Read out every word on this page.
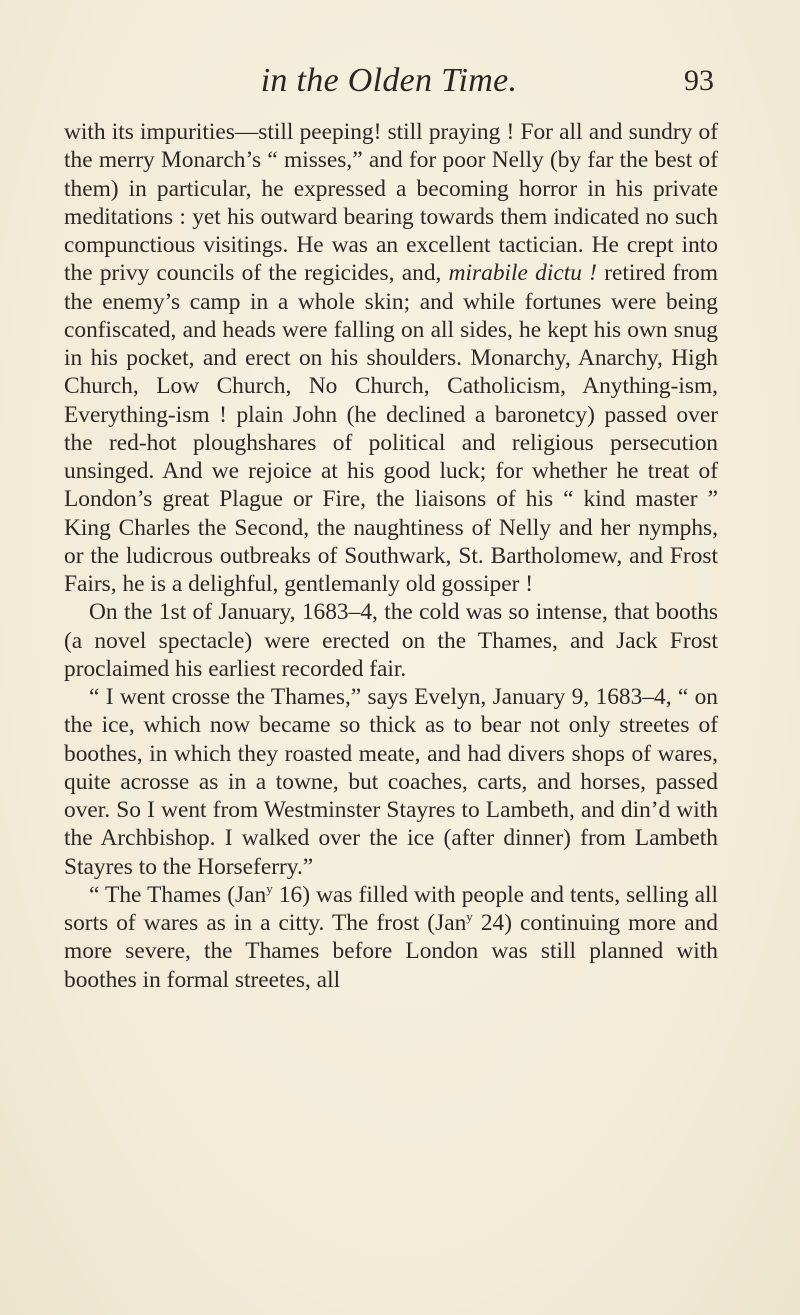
in the Olden Time.	93

with its impurities—still peeping! still praying ! For all and sundry of the merry Monarch’s “ misses,” and for poor Nelly (by far the best of them) in particular, he expressed a becoming horror in his private meditations : yet his outward bearing towards them indicated no such compunctious visitings. He was an excellent tactician. He crept into the privy councils of the regicides, and, mirabile dictu ! retired from the enemy’s camp in a whole skin; and while fortunes were being confiscated, and heads were falling on all sides, he kept his own snug in his pocket, and erect on his shoulders. Monarchy, Anarchy, High Church, Low Church, No Church, Catholicism, Anything-ism, Everything-ism ! plain John (he declined a baronetcy) passed over the red-hot ploughshares of political and religious persecution unsinged. And we rejoice at his good luck; for whether he treat of London’s great Plague or Fire, the liaisons of his “ kind master ” King Charles the Second, the naughtiness of Nelly and her nymphs, or the ludicrous outbreaks of Southwark, St. Bartholomew, and Frost Fairs, he is a delighful, gentlemanly old gossiper !

On the 1st of January, 1683–4, the cold was so intense, that booths (a novel spectacle) were erected on the Thames, and Jack Frost proclaimed his earliest recorded fair.

“ I went crosse the Thames,” says Evelyn, January 9, 1683–4, “ on the ice, which now became so thick as to bear not only streetes of boothes, in which they roasted meate, and had divers shops of wares, quite acrosse as in a towne, but coaches, carts, and horses, passed over. So I went from Westminster Stayres to Lambeth, and din’d with the Archbishop. I walked over the ice (after dinner) from Lambeth Stayres to the Horseferry.”

“ The Thames (Jan$^y$ 16) was filled with people and tents, selling all sorts of wares as in a citty. The frost (Jan$^y$ 24) continuing more and more severe, the Thames before London was still planned with boothes in formal streetes, all
